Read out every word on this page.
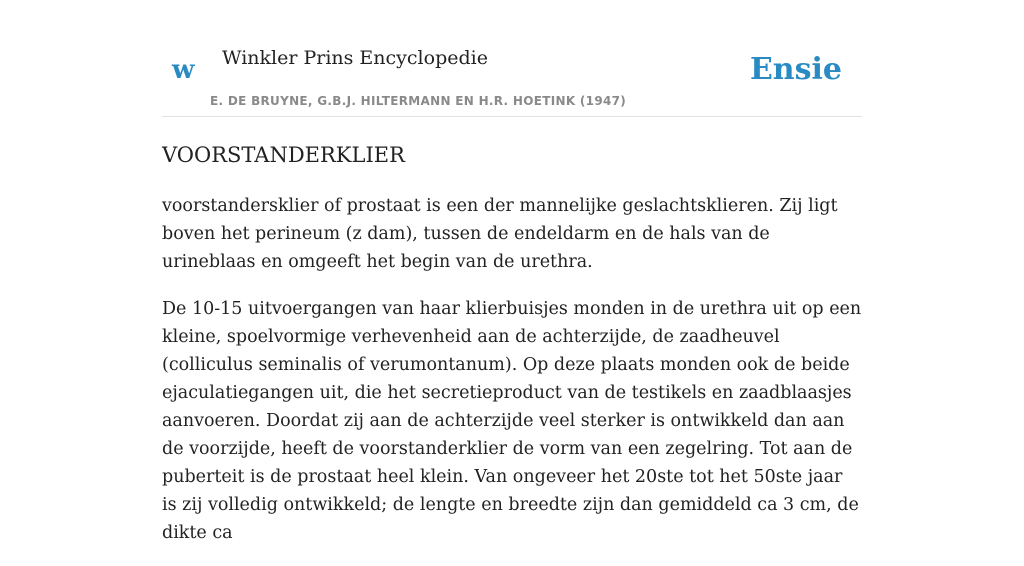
w Winkler Prins Encyclopedie
E. DE BRUYNE, G.B.J. HILTERMANN EN H.R. HOETINK (1947)
Ensie
VOORSTANDERKLIER

voorstandersklier of prostaat is een der mannelijke geslachtsklieren. Zij ligt boven het perineum (z dam), tussen de endeldarm en de hals van de urineblaas en omgeeft het begin van de urethra.

De 10-15 uitvoergangen van haar klierbuisjes monden in de urethra uit op een kleine, spoelvormige verhevenheid aan de achterzijde, de zaadheuvel (colliculus seminalis of verumontanum). Op deze plaats monden ook de beide ejaculatiegangen uit, die het secretieproduct van de testikels en zaadblaasjes aanvoeren. Doordat zij aan de achterzijde veel sterker is ontwikkeld dan aan de voorzijde, heeft de voorstanderklier de vorm van een zegelring. Tot aan de puberteit is de prostaat heel klein. Van ongeveer het 20ste tot het 50ste jaar is zij volledig ontwikkeld; de lengte en breedte zijn dan gemiddeld ca 3 cm, de dikte ca
